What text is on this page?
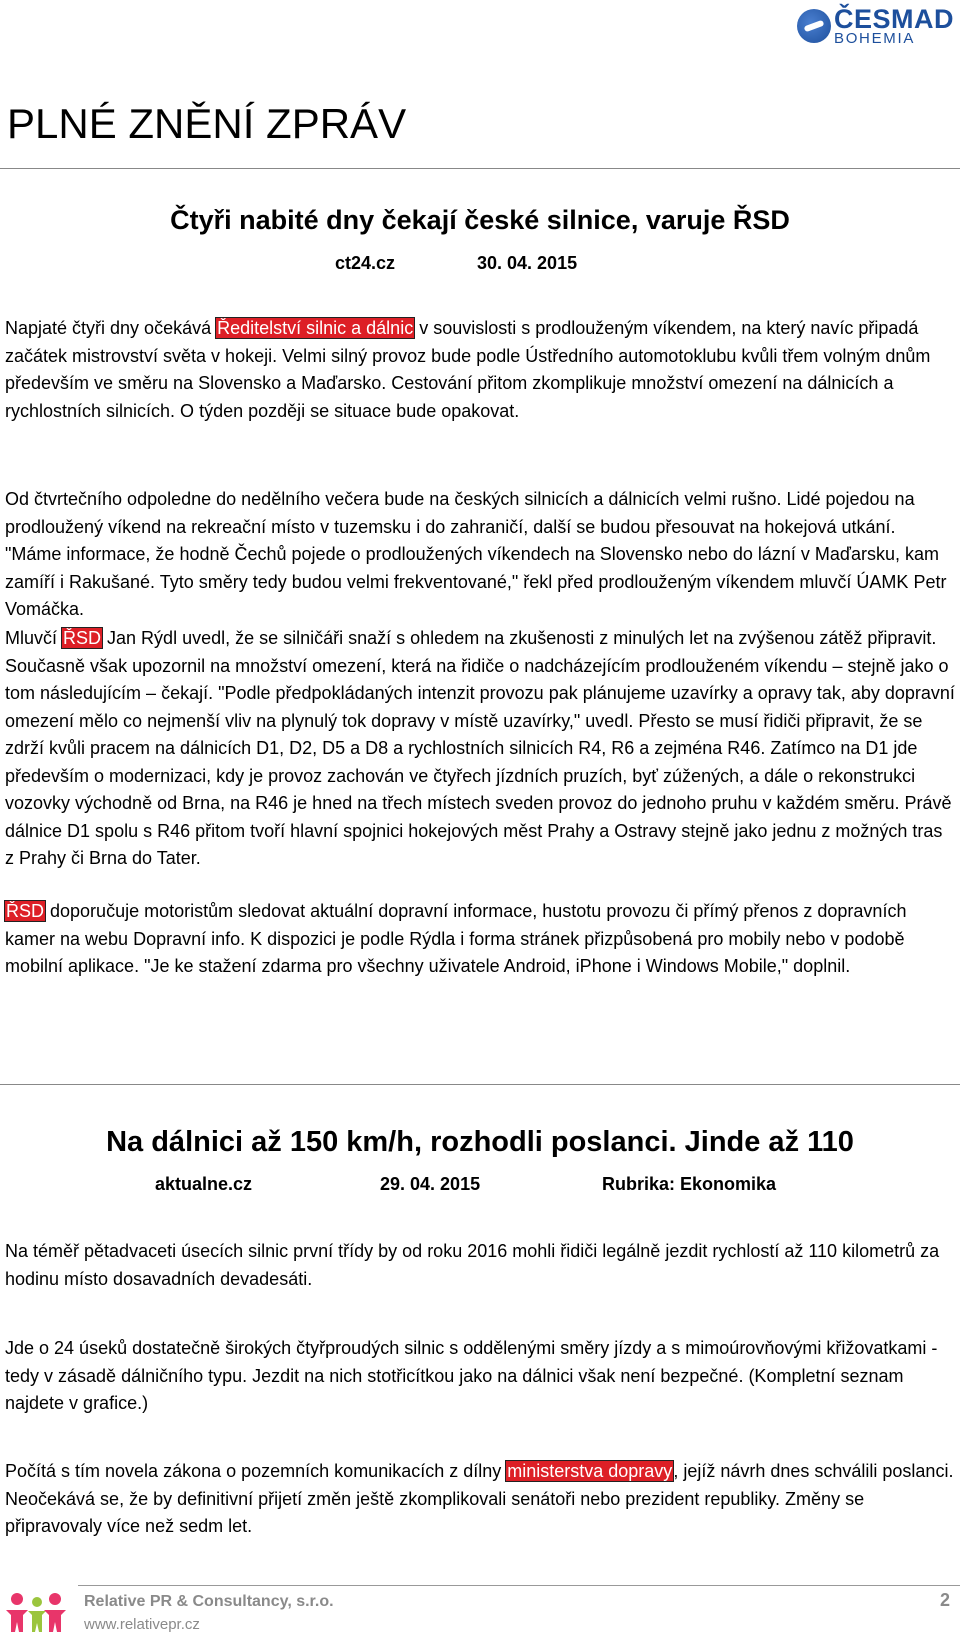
ČESMAD
BOHEMIA
PLNÉ ZNĚNÍ ZPRÁV
Čtyři nabité dny čekají české silnice, varuje ŘSD
ct24.cz	30. 04. 2015

Napjaté čtyři dny očekává Ředitelství silnic a dálnic v souvislosti s prodlouženým víkendem, na který navíc připadá začátek mistrovství světa v hokeji. Velmi silný provoz bude podle Ústředního automotoklubu kvůli třem volným dnům především ve směru na Slovensko a Maďarsko. Cestování přitom zkomplikuje množství omezení na dálnicích a rychlostních silnicích. O týden později se situace bude opakovat.

Od čtvrtečního odpoledne do nedělního večera bude na českých silnicích a dálnicích velmi rušno. Lidé pojedou na prodloužený víkend na rekreační místo v tuzemsku i do zahraničí, další se budou přesouvat na hokejová utkání. "Máme informace, že hodně Čechů pojede o prodloužených víkendech na Slovensko nebo do lázní v Maďarsku, kam zamíří i Rakušané. Tyto směry tedy budou velmi frekventované," řekl před prodlouženým víkendem mluvčí ÚAMK Petr Vomáčka.

Mluvčí ŘSD Jan Rýdl uvedl, že se silničáři snaží s ohledem na zkušenosti z minulých let na zvýšenou zátěž připravit. Současně však upozornil na množství omezení, která na řidiče o nadcházejícím prodlouženém víkendu – stejně jako o tom následujícím – čekají. "Podle předpokládaných intenzit provozu pak plánujeme uzavírky a opravy tak, aby dopravní omezení mělo co nejmenší vliv na plynulý tok dopravy v místě uzavírky," uvedl. Přesto se musí řidiči připravit, že se zdrží kvůli pracem na dálnicích D1, D2, D5 a D8 a rychlostních silnicích R4, R6 a zejména R46. Zatímco na D1 jde především o modernizaci, kdy je provoz zachován ve čtyřech jízdních pruzích, byť zúžených, a dále o rekonstrukci vozovky východně od Brna, na R46 je hned na třech místech sveden provoz do jednoho pruhu v každém směru. Právě dálnice D1 spolu s R46 přitom tvoří hlavní spojnici hokejových měst Prahy a Ostravy stejně jako jednu z možných tras z Prahy či Brna do Tater.

ŘSD doporučuje motoristům sledovat aktuální dopravní informace, hustotu provozu či přímý přenos z dopravních kamer na webu Dopravní info. K dispozici je podle Rýdla i forma stránek přizpůsobená pro mobily nebo v podobě mobilní aplikace. "Je ke stažení zdarma pro všechny uživatele Android, iPhone i Windows Mobile," doplnil.

Na dálnici až 150 km/h, rozhodli poslanci. Jinde až 110
aktualne.cz	29. 04. 2015	Rubrika: Ekonomika

Na téměř pětadvaceti úsecích silnic první třídy by od roku 2016 mohli řidiči legálně jezdit rychlostí až 110 kilometrů za hodinu místo dosavadních devadesáti.

Jde o 24 úseků dostatečně širokých čtyřproudých silnic s oddělenými směry jízdy a s mimoúrovňovými křižovatkami - tedy v zásadě dálničního typu. Jezdit na nich stotřicítkou jako na dálnici však není bezpečné. (Kompletní seznam najdete v grafice.)

Počítá s tím novela zákona o pozemních komunikacích z dílny ministerstva dopravy, jejíž návrh dnes schválili poslanci. Neočekává se, že by definitivní přijetí změn ještě zkomplikovali senátoři nebo prezident republiky. Změny se připravovaly více než sedm let.

Relative PR & Consultancy, s.r.o.
www.relativepr.cz
2
